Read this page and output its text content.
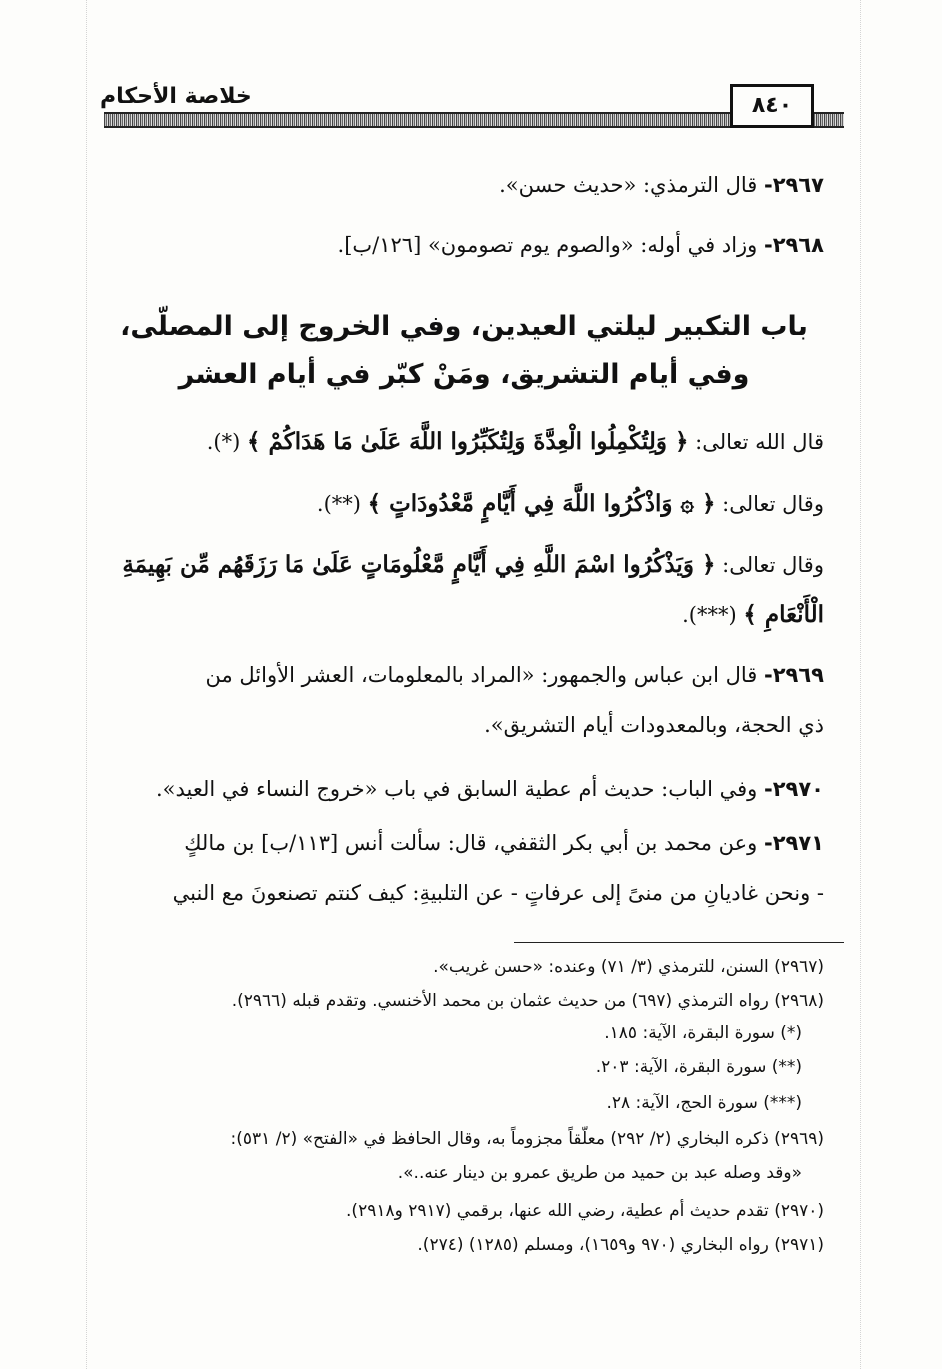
خلاصة الأحكام	٨٤٠
٢٩٦٧- قال الترمذي: «حديث حسن».
٢٩٦٨- وزاد في أوله: «والصوم يوم تصومون» [١٢٦/ب].
باب التكبير ليلتي العيدين، وفي الخروج إلى المصلّى،
وفي أيام التشريق، ومَنْ كبّر في أيام العشر
قال الله تعالى: ﴿ وَلِتُكْمِلُوا الْعِدَّةَ وَلِتُكَبِّرُوا اللَّهَ عَلَىٰ مَا هَدَاكُمْ ﴾ (*).
وقال تعالى: ﴿ ۞ وَاذْكُرُوا اللَّهَ فِي أَيَّامٍ مَّعْدُودَاتٍ ﴾ (**).
وقال تعالى: ﴿ وَيَذْكُرُوا اسْمَ اللَّهِ فِي أَيَّامٍ مَّعْلُومَاتٍ عَلَىٰ مَا رَزَقَهُم مِّن بَهِيمَةِ
الْأَنْعَامِ ﴾ (***).
٢٩٦٩- قال ابن عباس والجمهور: «المراد بالمعلومات، العشر الأوائل من
ذي الحجة، وبالمعدودات أيام التشريق».
٢٩٧٠- وفي الباب: حديث أم عطية السابق في باب «خروج النساء في العيد».
٢٩٧١- وعن محمد بن أبي بكر الثقفي، قال: سألت أنس [١١٣/ب] بن مالكٍ
- ونحن غاديانِ من منىً إلى عرفاتٍ - عن التلبيةِ: كيف كنتم تصنعونَ مع النبي
(٢٩٦٧) السنن، للترمذي (٣/ ٧١) وعنده: «حسن غريب».
(٢٩٦٨) رواه الترمذي (٦٩٧) من حديث عثمان بن محمد الأخنسي. وتقدم قبله (٢٩٦٦).
(*) سورة البقرة، الآية: ١٨٥.
(**) سورة البقرة، الآية: ٢٠٣.
(***) سورة الحج، الآية: ٢٨.
(٢٩٦٩) ذكره البخاري (٢/ ٢٩٢) معلّقاً مجزوماً به، وقال الحافظ في «الفتح» (٢/ ٥٣١):
«وقد وصله عبد بن حميد من طريق عمرو بن دينار عنه..».
(٢٩٧٠) تقدم حديث أم عطية، رضي الله عنها، برقمي (٢٩١٧ و٢٩١٨).
(٢٩٧١) رواه البخاري (٩٧٠ و١٦٥٩)، ومسلم (١٢٨٥) (٢٧٤).
